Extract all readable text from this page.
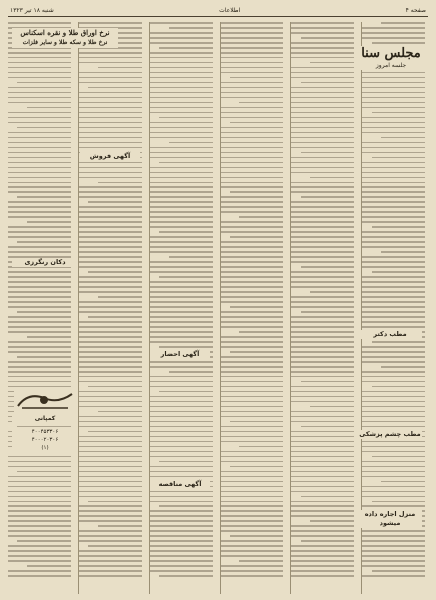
صفحه ۴
اطلاعات
شنبه ۱۸ تیر ۱۳۲۳
مجلس سنا
جلسه امروز
نرخ اوراق طلا و نقره اسکناس
نرخ طلا و سکه طلا و سایر فلزات
دکان رنگرزی
آگهی فروش
آگهی احضار
آگهی مناقصه
مطب دکتر
مطب چشم پزشکی
منزل اجاره داده میشود
کمپانی
۴۰۰۴۵۳۳۰۶
۴۰۰۰۲۰۳۰۶
(۱)
